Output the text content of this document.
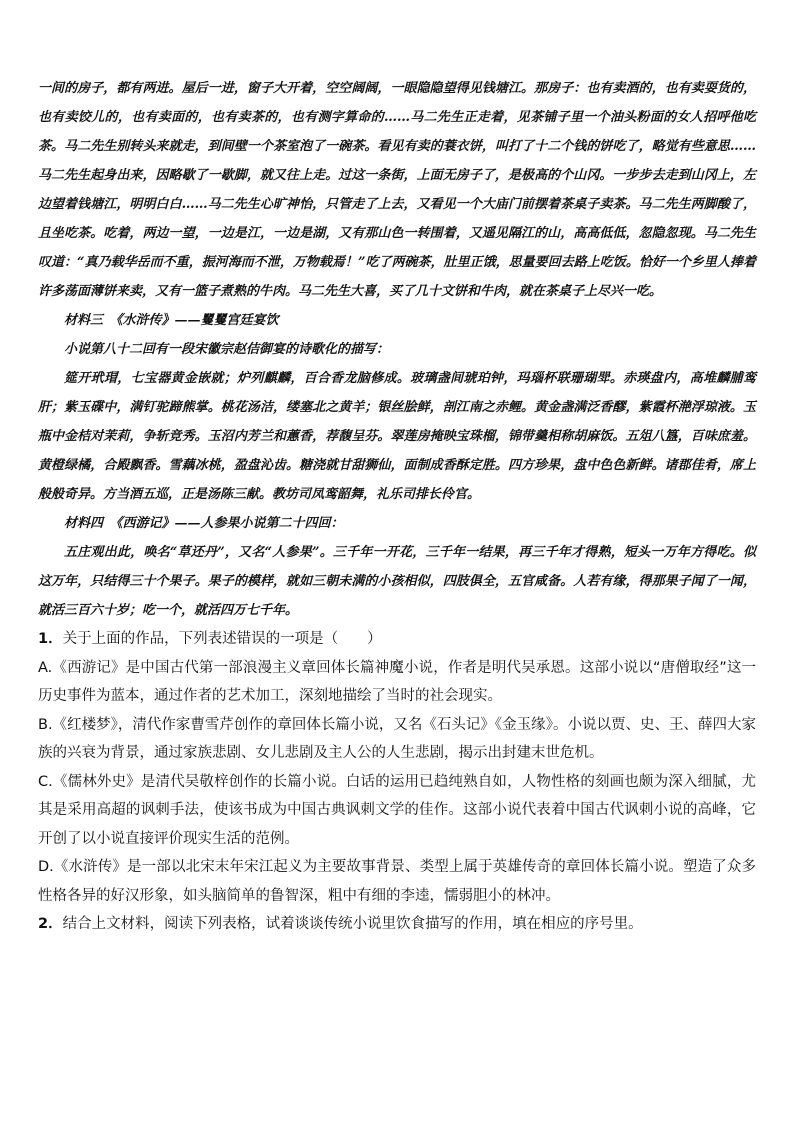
一间的房子，都有两进。屋后一进，窗子大开着，空空阔阔，一眼隐隐望得见钱塘江。那房子：也有卖酒的，也有卖耍货的，也有卖饺儿的，也有卖面的，也有卖茶的，也有测字算命的……马二先生正走着，见茶铺子里一个油头粉面的女人招呼他吃茶。马二先生别转头来就走，到间壁一个茶室泡了一碗茶。看见有卖的蓑衣饼，叫打了十二个钱的饼吃了，略觉有些意思……马二先生起身出来，因略歇了一歇脚，就又往上走。过这一条街，上面无房子了，是极高的个山冈。一步步去走到山冈上，左边望着钱塘江，明明白白……马二先生心旷神怡，只管走了上去，又看见一个大庙门前摆着茶桌子卖茶。马二先生两脚酸了，且坐吃茶。吃着，两边一望，一边是江，一边是湖，又有那山色一转围着，又遥见隔江的山，高高低低，忽隐忽现。马二先生叹道：“真乃载华岳而不重，振河海而不泄，万物载焉！”吃了两碗茶，肚里正饿，思量要回去路上吃饭。恰好一个乡里人捧着许多荡面薄饼来卖，又有一篮子煮熟的牛肉。马二先生大喜，买了几十文饼和牛肉，就在茶桌子上尽兴一吃。

材料三　《水浒传》——矍矍宫廷宴饮

小说第八十二回有一段宋徽宗赵佶御宴的诗歌化的描写：

筵开玳瑁，七宝器黄金嵌就；炉列麒麟，百合香龙脑修成。玻璃盏间琥珀钟，玛瑙杯联珊瑚斝。赤瑛盘内，高堆麟脯鸾肝；紫玉碟中，满钉驼蹄熊掌。桃花汤洁，缕塞北之黄羊；银丝脍鲜，剖江南之赤鲤。黄金盏满泛香醪，紫霞杯滟浮琼液。玉瓶中金桔对茉莉，争斩竞秀。玉沼内芳兰和蕙香，荐馥呈芬。翠莲房掩映宝珠榴，锦带羹相称胡麻饭。五俎八簋，百味庶羞。黄橙绿橘，合殿飘香。雪藕冰桃，盈盘沁齿。糖浇就甘甜狮仙，面制成香酥定胜。四方珍果，盘中色色新鲜。诸郡佳肴，席上般般奇异。方当酒五巡，正是汤陈三献。教坊司凤鸾韶舞，礼乐司排长伶官。

材料四　《西游记》——人参果小说第二十四回：

五庄观出此，唤名“草还丹”，又名“人参果”。三千年一开花，三千年一结果，再三千年才得熟，短头一万年方得吃。似这万年，只结得三十个果子。果子的模样，就如三朝未满的小孩相似，四肢俱全，五官咸备。人若有缘，得那果子闻了一闻，就活三百六十岁；吃一个，就活四万七千年。

1．关于上面的作品，下列表述错误的一项是（　　）

A.《西游记》是中国古代第一部浪漫主义章回体长篇神魔小说，作者是明代吴承恩。这部小说以“唐僧取经”这一历史事件为蓝本，通过作者的艺术加工，深刻地描绘了当时的社会现实。

B.《红楼梦》，清代作家曹雪芹创作的章回体长篇小说，又名《石头记》《金玉缘》。小说以贾、史、王、薛四大家族的兴衰为背景，通过家族悲剧、女儿悲剧及主人公的人生悲剧，揭示出封建末世危机。

C.《儒林外史》是清代吴敬梓创作的长篇小说。白话的运用已趋纯熟自如，人物性格的刻画也颇为深入细腻，尤其是采用高超的讽刺手法，使该书成为中国古典讽刺文学的佳作。这部小说代表着中国古代讽刺小说的高峰，它开创了以小说直接评价现实生活的范例。

D.《水浒传》是一部以北宋末年宋江起义为主要故事背景、类型上属于英雄传奇的章回体长篇小说。塑造了众多性格各异的好汉形象，如头脑简单的鲁智深，粗中有细的李逵，懦弱胆小的林冲。

2．结合上文材料，阅读下列表格，试着谈谈传统小说里饮食描写的作用，填在相应的序号里。
